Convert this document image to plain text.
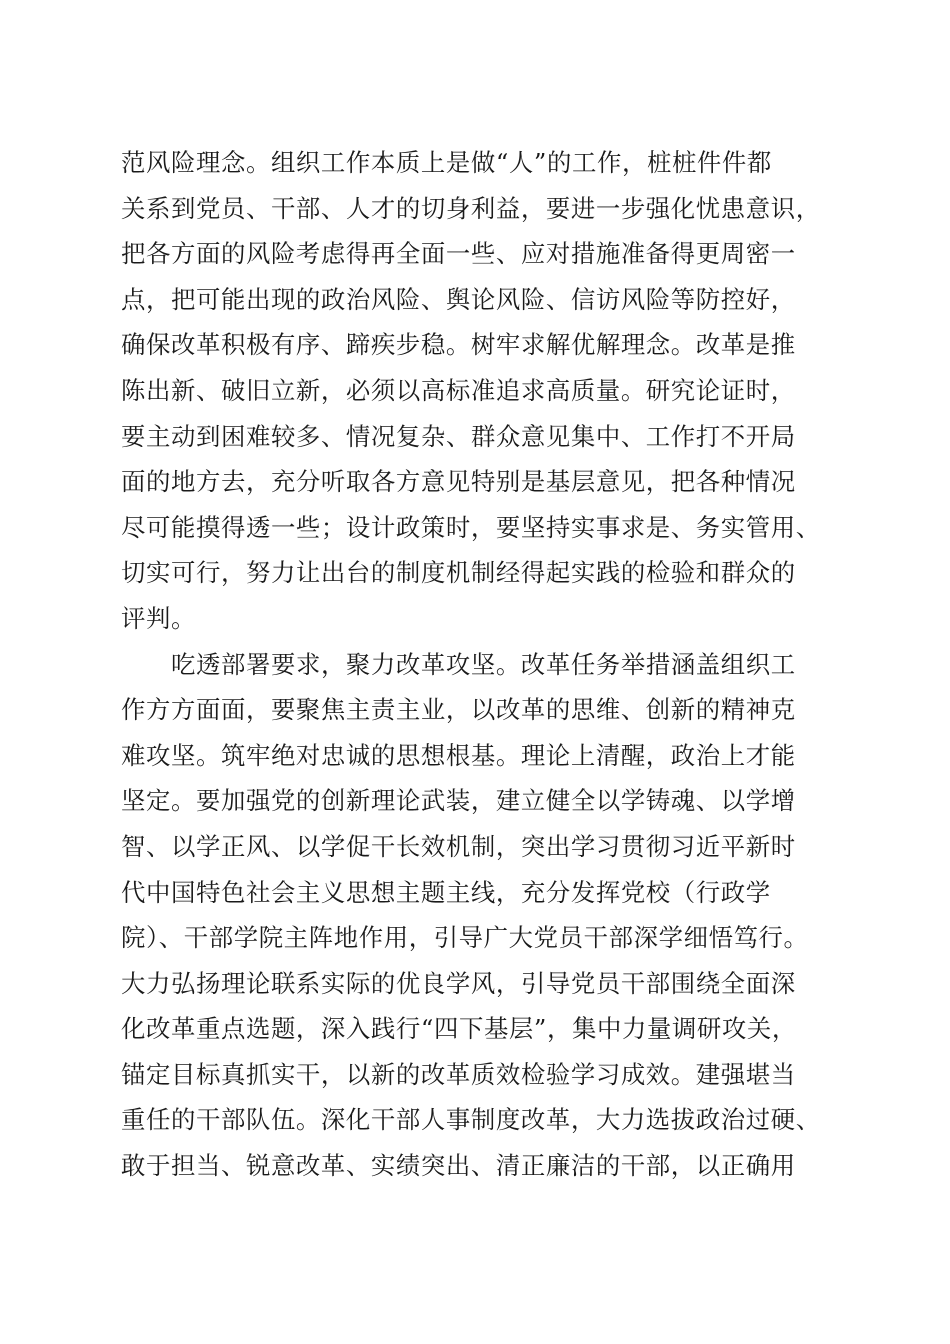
范风险理念。组织工作本质上是做“人”的工作，桩桩件件都
关系到党员、干部、人才的切身利益，要进一步强化忧患意识，
把各方面的风险考虑得再全面一些、应对措施准备得更周密一
点，把可能出现的政治风险、舆论风险、信访风险等防控好，
确保改革积极有序、蹄疾步稳。树牢求解优解理念。改革是推
陈出新、破旧立新，必须以高标准追求高质量。研究论证时，
要主动到困难较多、情况复杂、群众意见集中、工作打不开局
面的地方去，充分听取各方意见特别是基层意见，把各种情况
尽可能摸得透一些；设计政策时，要坚持实事求是、务实管用、
切实可行，努力让出台的制度机制经得起实践的检验和群众的
评判。
吃透部署要求，聚力改革攻坚。改革任务举措涵盖组织工
作方方面面，要聚焦主责主业，以改革的思维、创新的精神克
难攻坚。筑牢绝对忠诚的思想根基。理论上清醒，政治上才能
坚定。要加强党的创新理论武装，建立健全以学铸魂、以学增
智、以学正风、以学促干长效机制，突出学习贯彻习近平新时
代中国特色社会主义思想主题主线，充分发挥党校（行政学
院）、干部学院主阵地作用，引导广大党员干部深学细悟笃行。
大力弘扬理论联系实际的优良学风，引导党员干部围绕全面深
化改革重点选题，深入践行“四下基层”，集中力量调研攻关，
锚定目标真抓实干，以新的改革质效检验学习成效。建强堪当
重任的干部队伍。深化干部人事制度改革，大力选拔政治过硬、
敢于担当、锐意改革、实绩突出、清正廉洁的干部，以正确用
